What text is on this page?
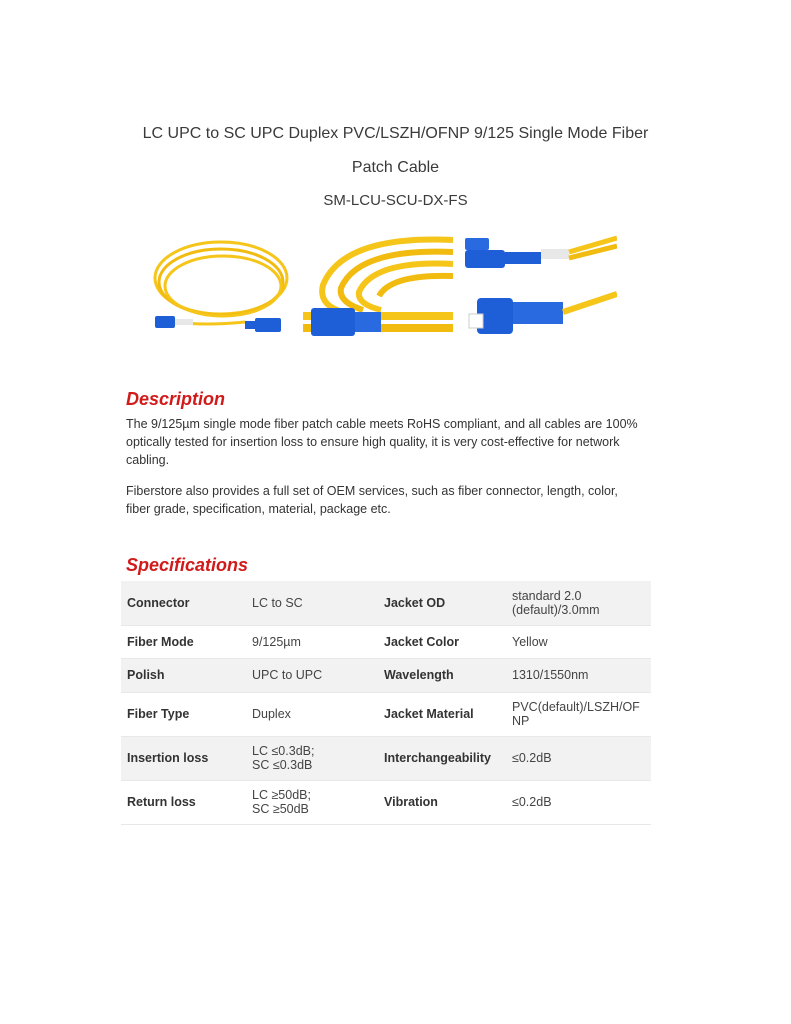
LC UPC to SC UPC Duplex PVC/LSZH/OFNP 9/125 Single Mode Fiber
Patch Cable
SM-LCU-SCU-DX-FS
Description
The 9/125µm single mode fiber patch cable meets RoHS compliant, and all cables are 100%
optically tested for insertion loss to ensure high quality, it is very cost-effective for network
cabling.
Fiberstore also provides a full set of OEM services, such as fiber connector, length, color,
fiber grade, specification, material, package etc.
Specifications
Connector	LC to SC	Jacket OD	standard 2.0
(default)/3.0mm

Fiber Mode	9/125µm	Jacket Color	Yellow

Polish	UPC to UPC	Wavelength	1310/1550nm

Fiber Type	Duplex	Jacket Material	PVC(default)/LSZH/OF
NP

Insertion loss	LC ≤0.3dB;
SC ≤0.3dB	Interchangeability	≤0.2dB

Return loss	LC ≥50dB;
SC ≥50dB	Vibration	≤0.2dB
